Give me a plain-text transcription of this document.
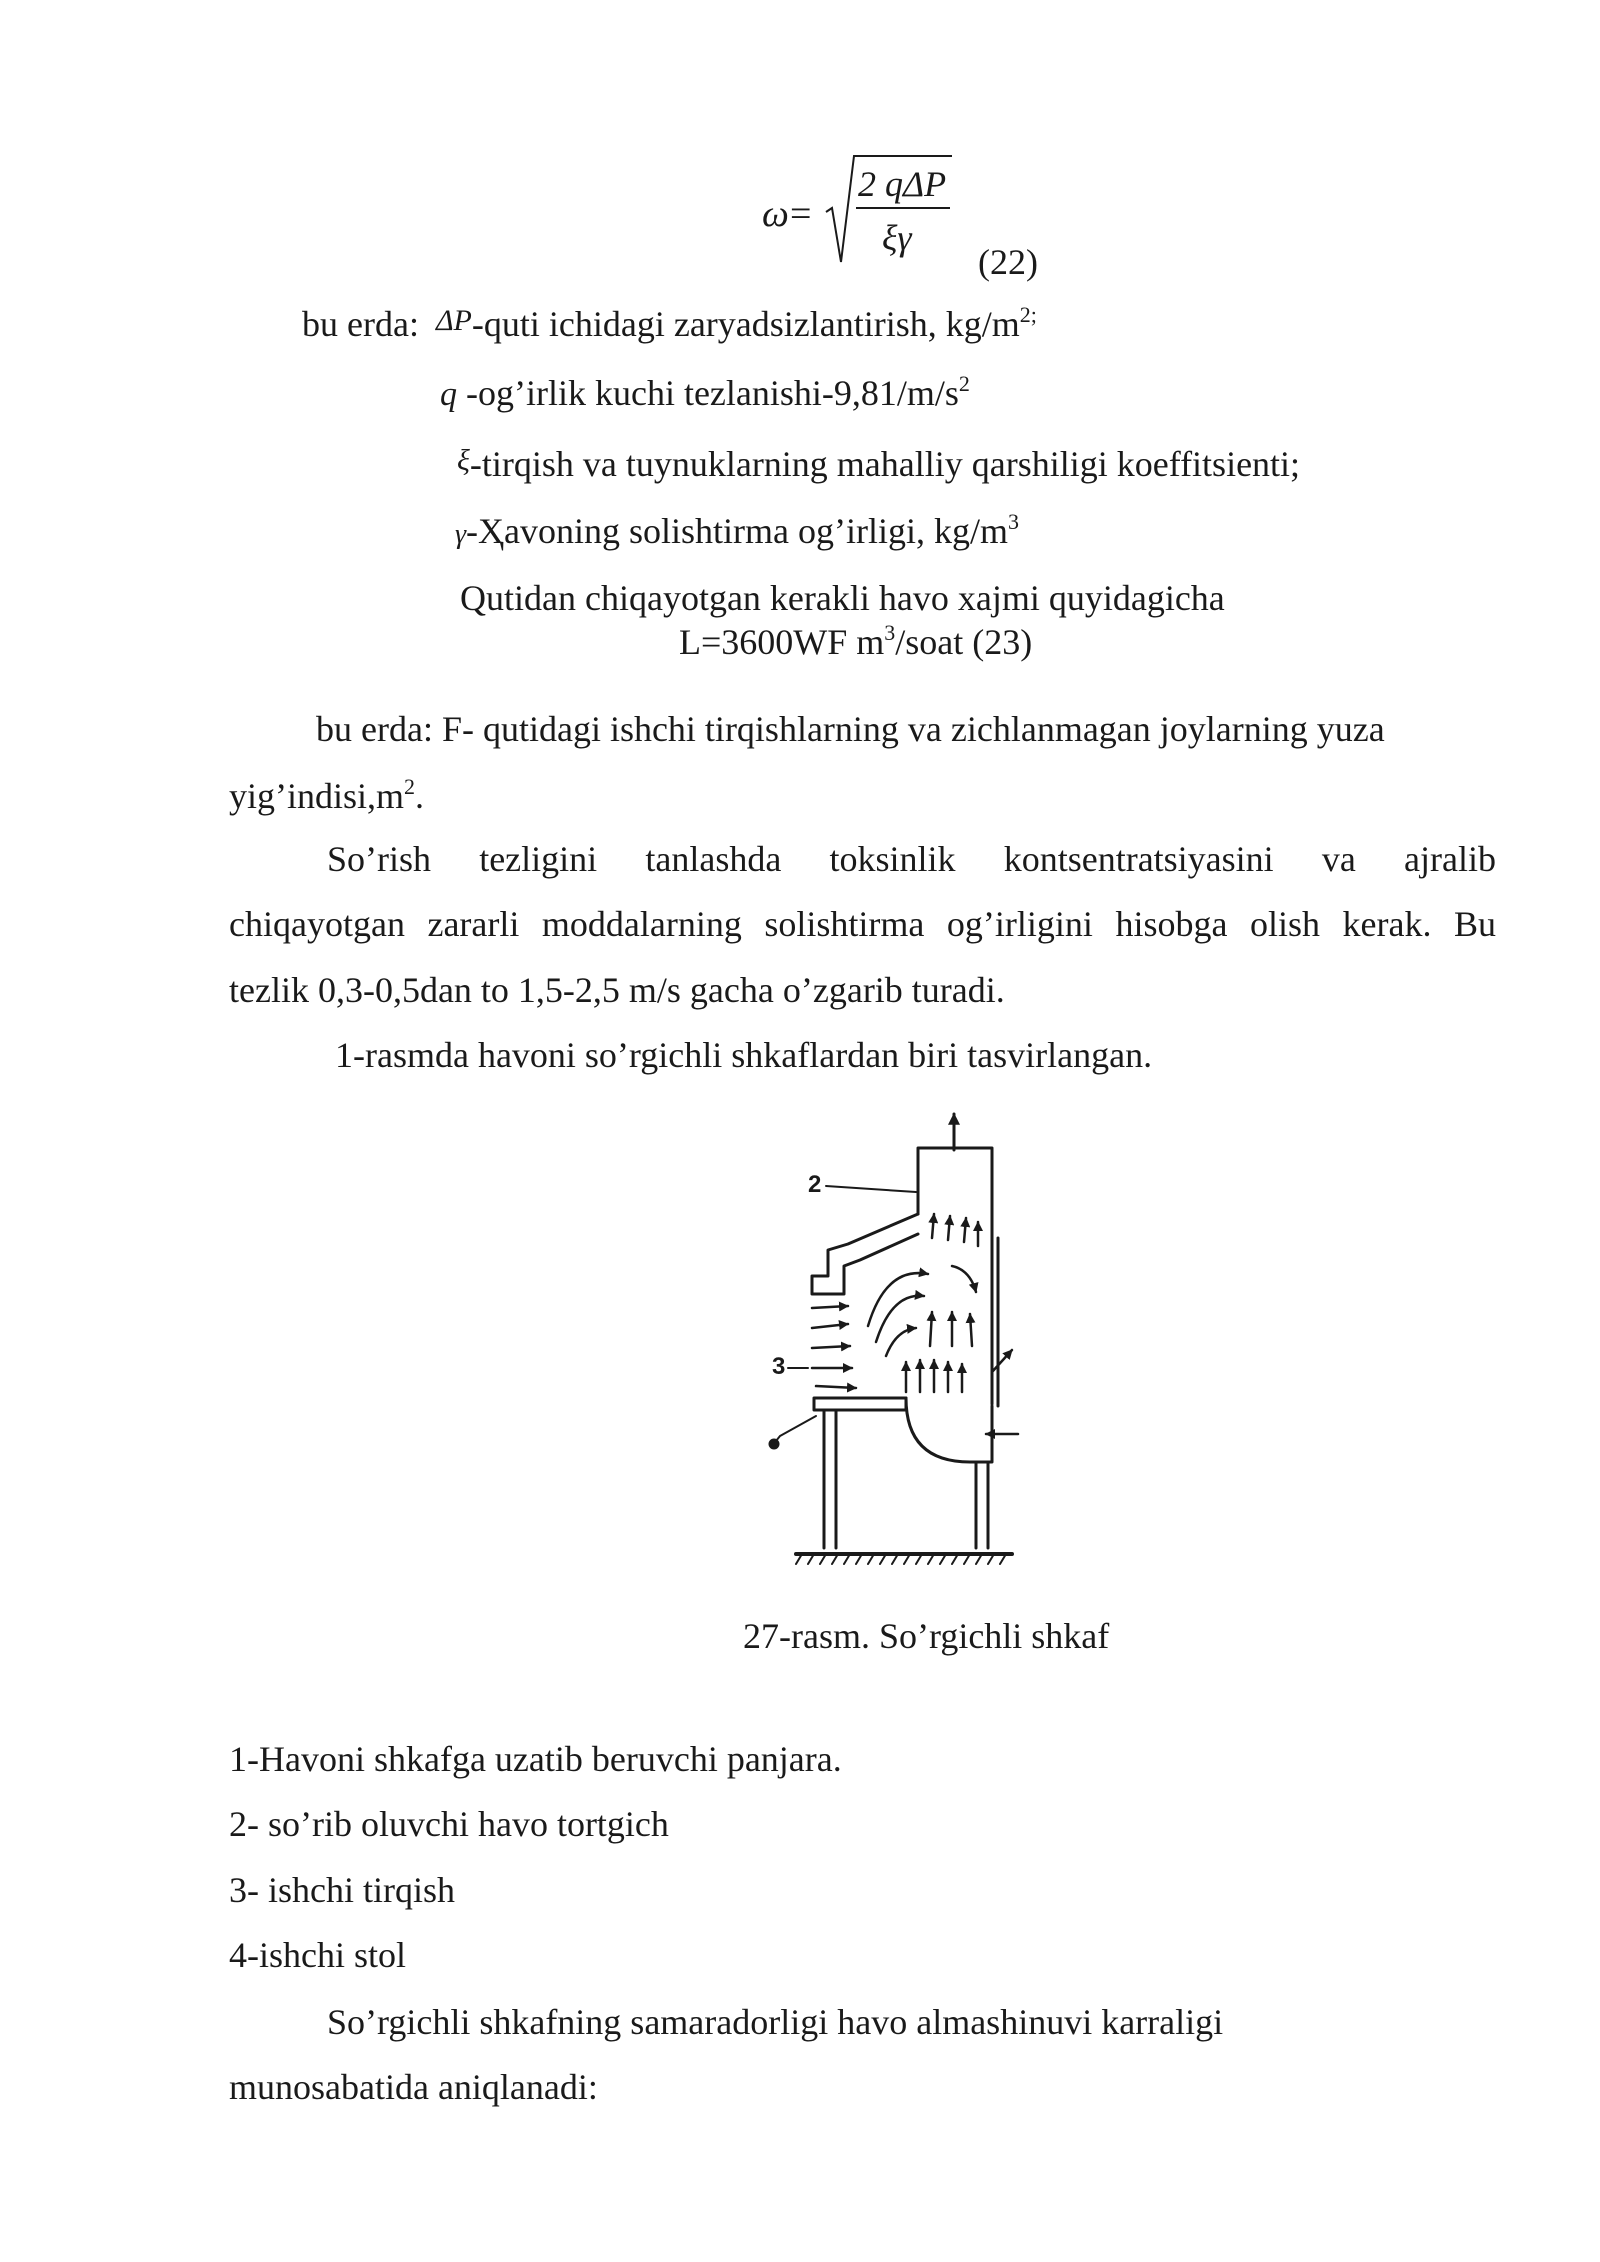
ω =
2 qΔP
ξγ
(22)
bu erda: ΔP-quti ichidagi zaryadsizlantirish, $kg/m^{2;}$
q -og’irlik kuchi tezlanishi-$9,81/m/s^2$
ξ-tirqish va tuynuklarning mahalliy qarshiligi koeffitsienti;
γ-Ҳavoning solishtirma og’irligi, $kg/m^3$
Qutidan chiqayotgan kerakli havo xajmi quyidagicha
L=3600WF $m^3$/soat (23)
bu erda: F- qutidagi ishchi tirqishlarning va zichlanmagan joylarning yuza
$yig’indisi,m^2$.
So’rish tezligini tanlashda toksinlik kontsentratsiyasini va ajralib
chiqayotgan zararli moddalarning solishtirma og’irligini hisobga olish kerak. Bu
tezlik 0,3-0,5dan to 1,5-2,5 m/s gacha o’zgarib turadi.
1-rasmda havoni so’rgichli shkaflardan biri tasvirlangan.
2
3
27-rasm. So’rgichli shkaf
1-Havoni shkafga uzatib beruvchi panjara.
2- so’rib oluvchi havo tortgich
3- ishchi tirqish
4-ishchi stol
So’rgichli shkafning samaradorligi havo almashinuvi karraligi
munosabatida aniqlanadi:
